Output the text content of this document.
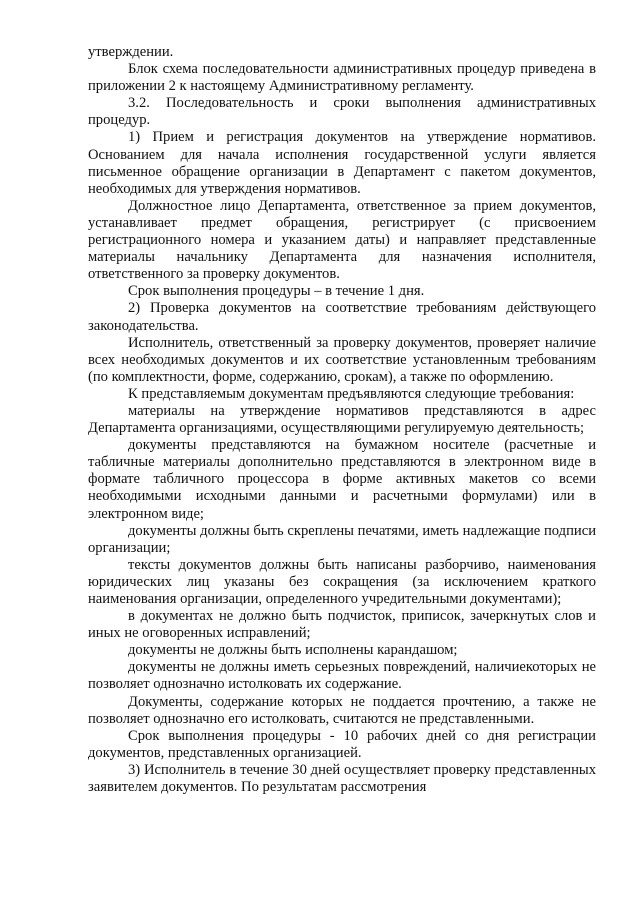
утверждении.

Блок схема последовательности административных процедур приведена в приложении 2 к настоящему Административному регламенту.

3.2. Последовательность и сроки выполнения административных процедур.

1) Прием и регистрация документов на утверждение нормативов. Основанием для начала исполнения государственной услуги является письменное обращение организации в Департамент с пакетом документов, необходимых для утверждения нормативов.

Должностное лицо Департамента, ответственное за прием документов, устанавливает предмет обращения, регистрирует (с присвоением регистрационного номера и указанием даты) и направляет представленные материалы начальнику Департамента для назначения исполнителя, ответственного за проверку документов.

Срок выполнения процедуры – в течение 1 дня.

2) Проверка документов на соответствие требованиям действующего законодательства.

Исполнитель, ответственный за проверку документов, проверяет наличие всех необходимых документов и их соответствие установленным требованиям (по комплектности, форме, содержанию, срокам), а также по оформлению.

К представляемым документам предъявляются следующие требования:

материалы на утверждение нормативов представляются в адрес Департамента организациями, осуществляющими регулируемую деятельность;

документы представляются на бумажном носителе (расчетные и табличные материалы дополнительно представляются в электронном виде в формате табличного процессора в форме активных макетов со всеми необходимыми исходными данными и расчетными формулами) или в электронном виде;

документы должны быть скреплены печатями, иметь надлежащие подписи организации;

тексты документов должны быть написаны разборчиво, наименования юридических лиц указаны без сокращения (за исключением краткого наименования организации, определенного учредительными документами);

в документах не должно быть подчисток, приписок, зачеркнутых слов и иных не оговоренных исправлений;

документы не должны быть исполнены карандашом;

документы не должны иметь серьезных повреждений, наличиекоторых не позволяет однозначно истолковать их содержание.

Документы, содержание которых не поддается прочтению, а также не позволяет однозначно его истолковать, считаются не представленными.

Срок выполнения процедуры - 10 рабочих дней со дня регистрации документов, представленных организацией.

3) Исполнитель в течение 30 дней осуществляет проверку представленных заявителем документов. По результатам рассмотрения
